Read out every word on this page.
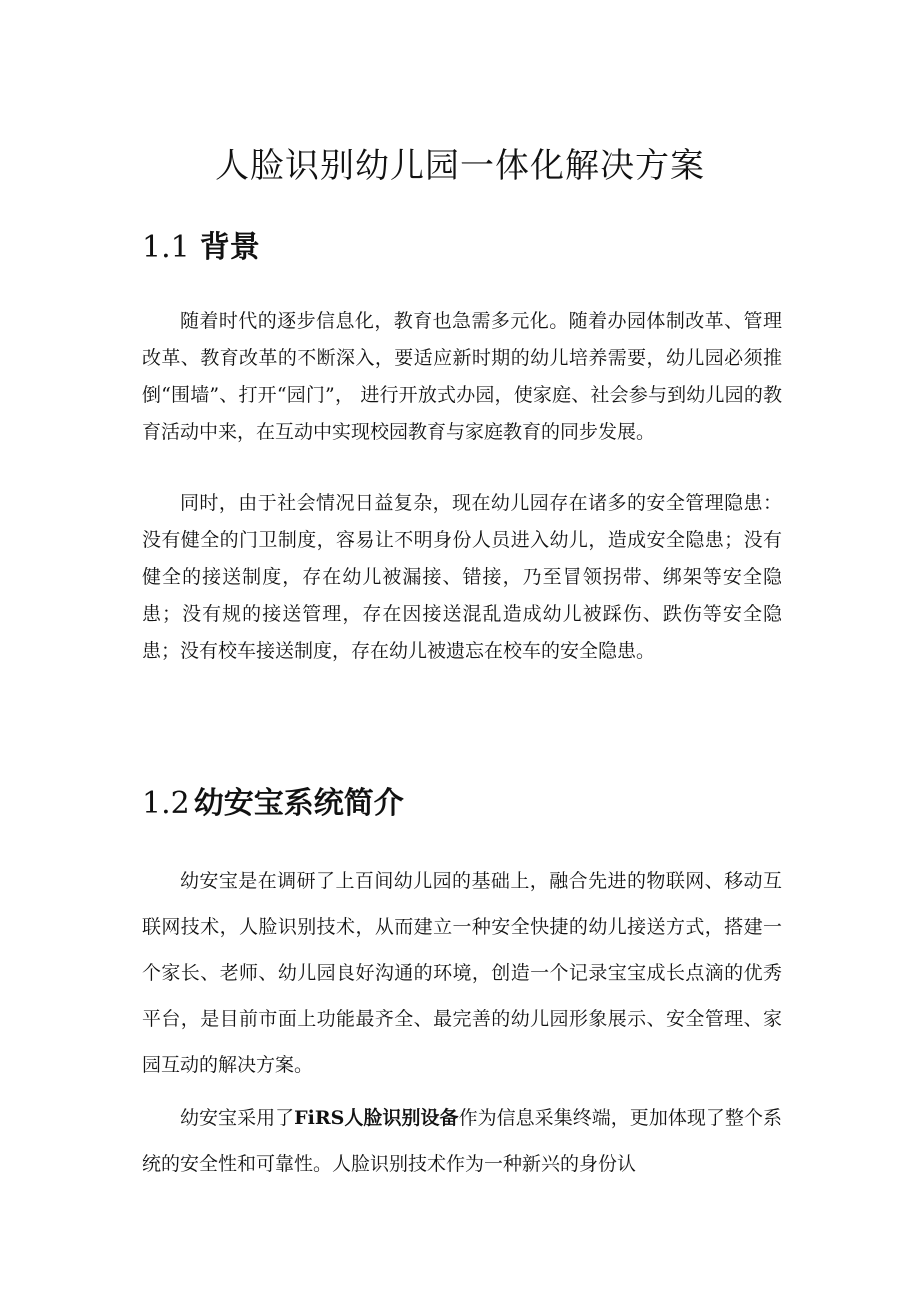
人脸识别幼儿园一体化解决方案
1.1 背景

随着时代的逐步信息化，教育也急需多元化。随着办园体制改革、管理改革、教育改革的不断深入，要适应新时期的幼儿培养需要，幼儿园必须推倒“围墙”、打开“园门”， 进行开放式办园，使家庭、社会参与到幼儿园的教育活动中来，在互动中实现校园教育与家庭教育的同步发展。

同时，由于社会情况日益复杂，现在幼儿园存在诸多的安全管理隐患：没有健全的门卫制度，容易让不明身份人员进入幼儿，造成安全隐患；没有健全的接送制度，存在幼儿被漏接、错接，乃至冒领拐带、绑架等安全隐患；没有规的接送管理，存在因接送混乱造成幼儿被踩伤、跌伤等安全隐患；没有校车接送制度，存在幼儿被遗忘在校车的安全隐患。

1.2 幼安宝系统简介

幼安宝是在调研了上百间幼儿园的基础上，融合先进的物联网、移动互联网技术，人脸识别技术，从而建立一种安全快捷的幼儿接送方式，搭建一个家长、老师、幼儿园良好沟通的环境，创造一个记录宝宝成长点滴的优秀平台，是目前市面上功能最齐全、最完善的幼儿园形象展示、安全管理、家园互动的解决方案。

幼安宝采用了FiRS人脸识别设备作为信息采集终端，更加体现了整个系统的安全性和可靠性。人脸识别技术作为一种新兴的身份认
